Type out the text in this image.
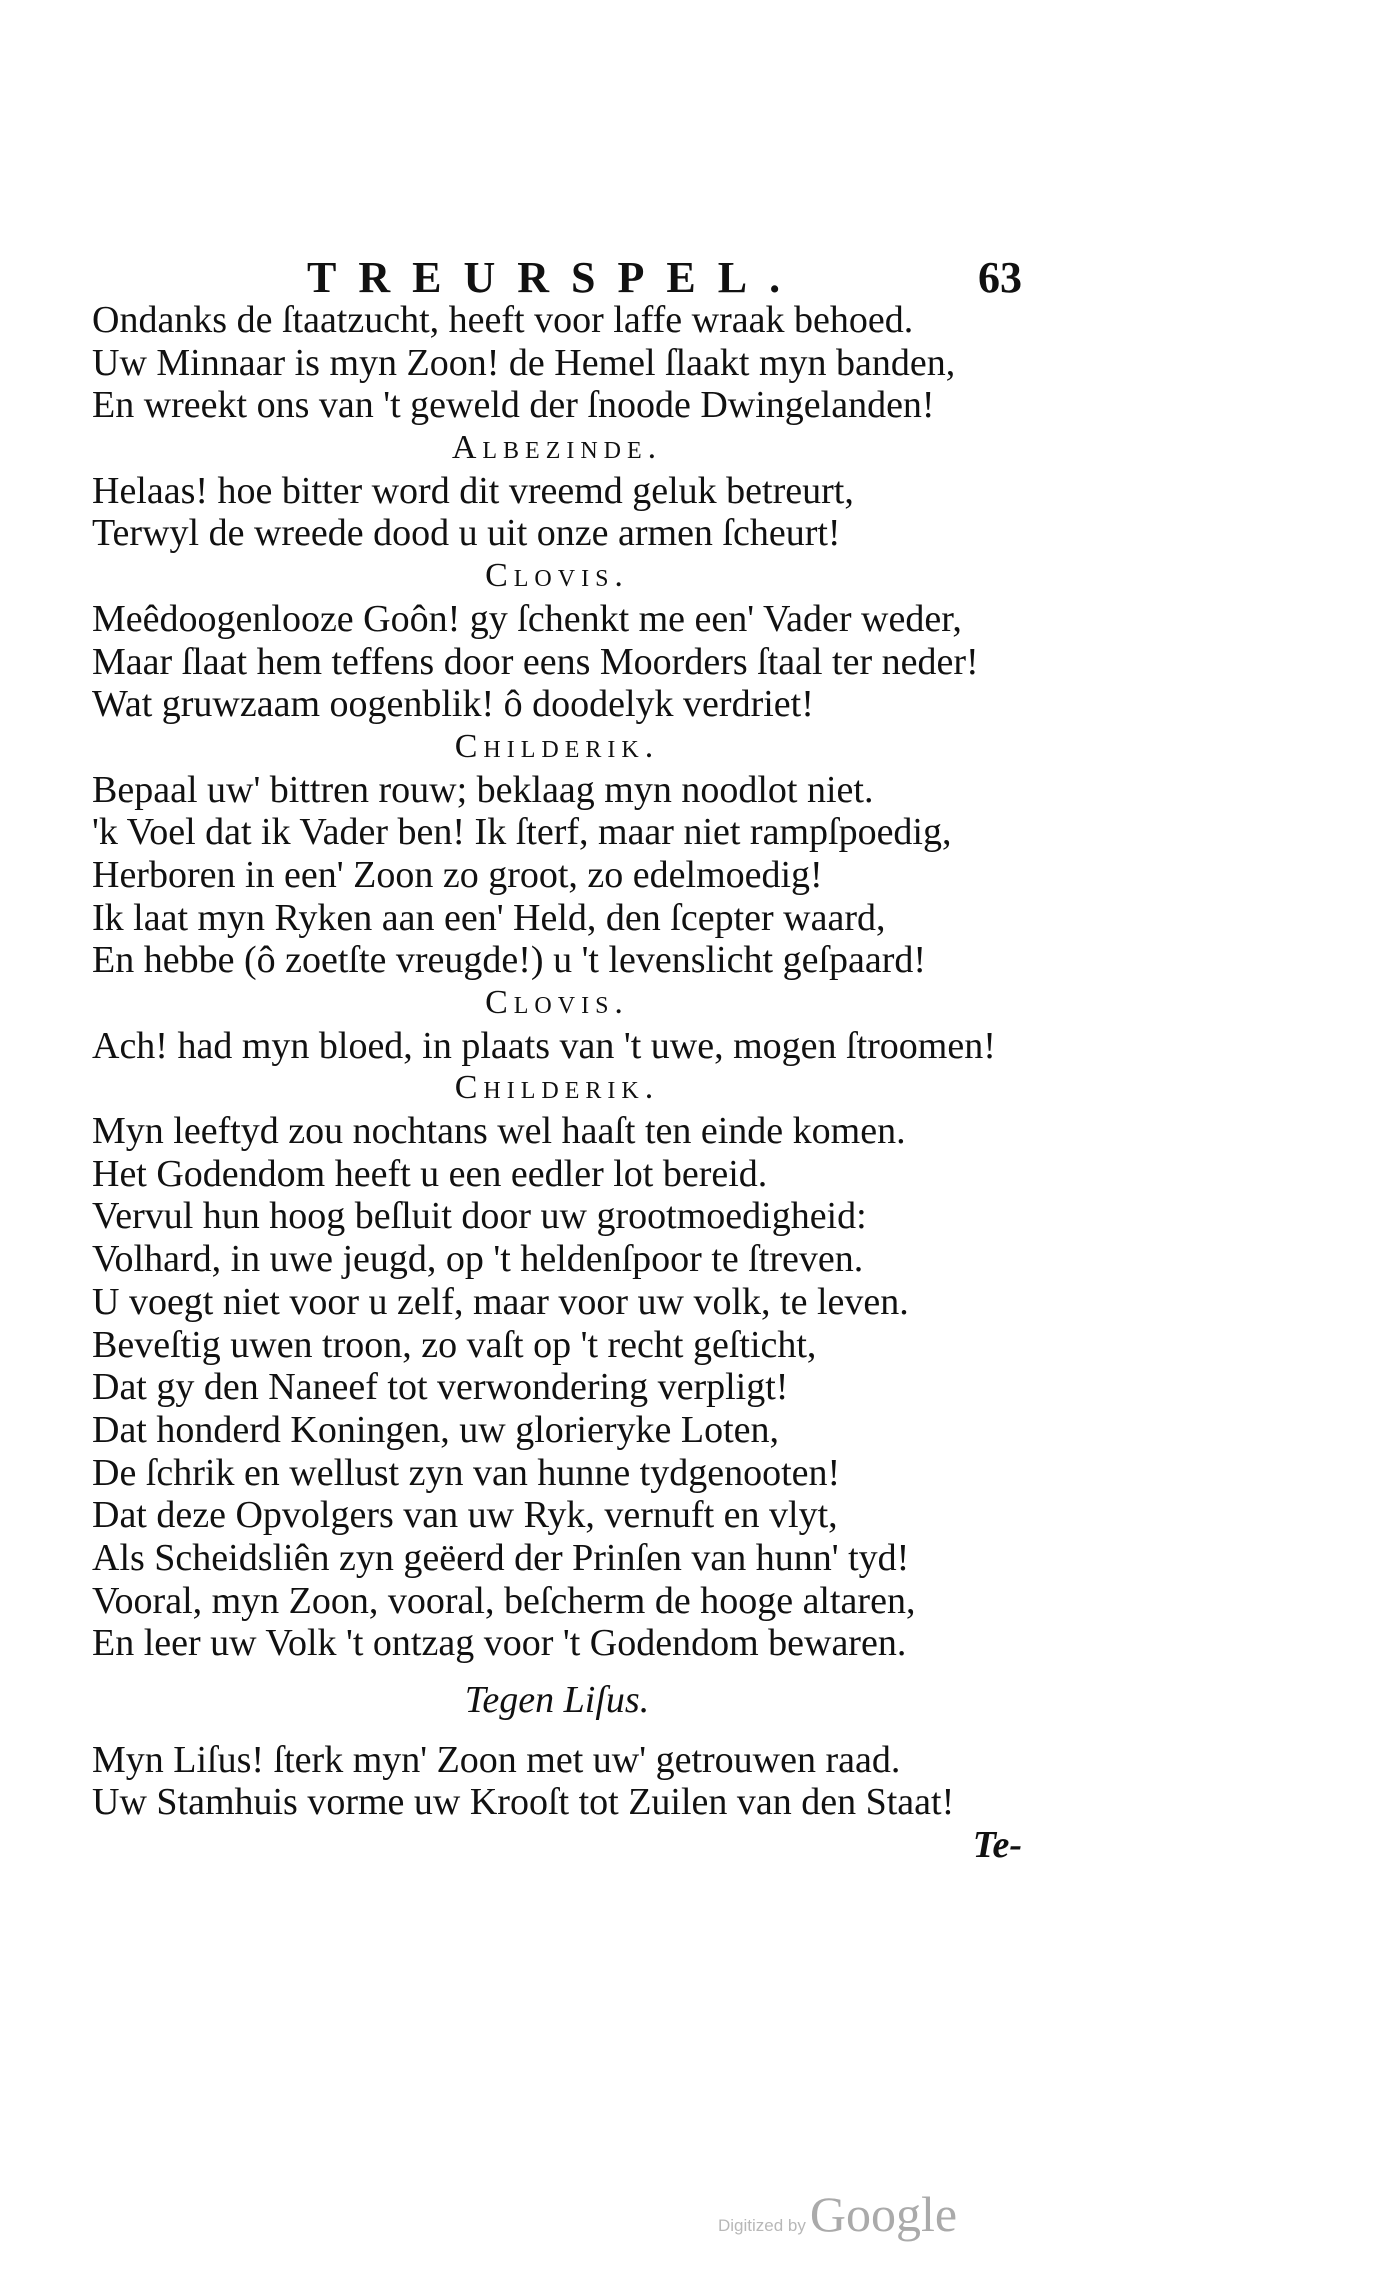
TREURSPEL.	63
Ondanks de ſtaatzucht, heeft voor laffe wraak behoed.
Uw Minnaar is myn Zoon! de Hemel ſlaakt myn banden,
En wreekt ons van 't geweld der ſnoode Dwingelanden!
Albezinde.
Helaas! hoe bitter word dit vreemd geluk betreurt,
Terwyl de wreede dood u uit onze armen ſcheurt!
Clovis.
Meêdoogenlooze Goôn! gy ſchenkt me een' Vader weder,
Maar ſlaat hem teffens door eens Moorders ſtaal ter neder!
Wat gruwzaam oogenblik! ô doodelyk verdriet!
Childerik.
Bepaal uw' bittren rouw; beklaag myn noodlot niet.
'k Voel dat ik Vader ben! Ik ſterf, maar niet rampſpoedig,
Herboren in een' Zoon zo groot, zo edelmoedig!
Ik laat myn Ryken aan een' Held, den ſcepter waard,
En hebbe (ô zoetſte vreugde!) u 't levenslicht geſpaard!
Clovis.
Ach! had myn bloed, in plaats van 't uwe, mogen ſtroomen!
Childerik.
Myn leeftyd zou nochtans wel haaſt ten einde komen.
Het Godendom heeft u een eedler lot bereid.
Vervul hun hoog beſluit door uw grootmoedigheid:
Volhard, in uwe jeugd, op 't heldenſpoor te ſtreven.
U voegt niet voor u zelf, maar voor uw volk, te leven.
Beveſtig uwen troon, zo vaſt op 't recht geſticht,
Dat gy den Naneef tot verwondering verpligt!
Dat honderd Koningen, uw glorieryke Loten,
De ſchrik en wellust zyn van hunne tydgenooten!
Dat deze Opvolgers van uw Ryk, vernuft en vlyt,
Als Scheidsliên zyn geëerd der Prinſen van hunn' tyd!
Vooral, myn Zoon, vooral, beſcherm de hooge altaren,
En leer uw Volk 't ontzag voor 't Godendom bewaren.
Tegen Liſus.
Myn Liſus! ſterk myn' Zoon met uw' getrouwen raad.
Uw Stamhuis vorme uw Krooſt tot Zuilen van den Staat!
Te-
Digitized by Google
